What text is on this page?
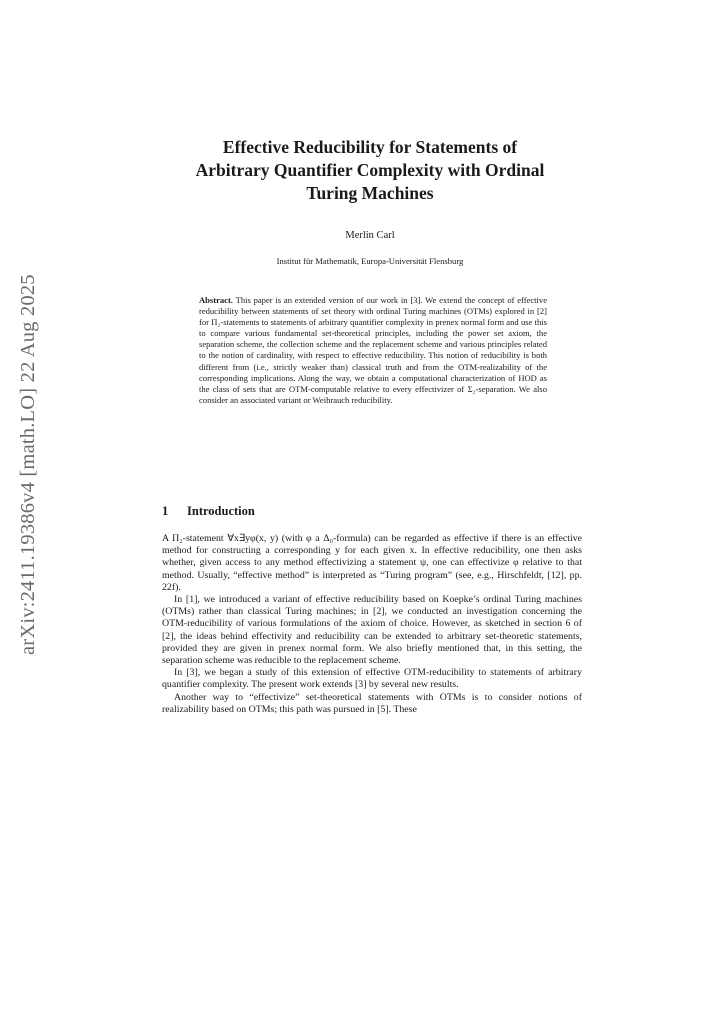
arXiv:2411.19386v4 [math.LO] 22 Aug 2025
Effective Reducibility for Statements of
Arbitrary Quantifier Complexity with Ordinal
Turing Machines
Merlin Carl
Institut für Mathematik, Europa-Universität Flensburg
Abstract. This paper is an extended version of our work in [3]. We extend the concept of effective reducibility between statements of set theory with ordinal Turing machines (OTMs) explored in [2] for Π₂-statements to statements of arbitrary quantifier complexity in prenex normal form and use this to compare various fundamental set-theoretical principles, including the power set axiom, the separation scheme, the collection scheme and the replacement scheme and various principles related to the notion of cardinality, with respect to effective reducibility. This notion of reducibility is both different from (i.e., strictly weaker than) classical truth and from the OTM-realizability of the corresponding implications. Along the way, we obtain a computational characterization of HOD as the class of sets that are OTM-computable relative to every effectivizer of Σ₂-separation. We also consider an associated variant or Weihrauch reducibility.
1 Introduction

A Π₂-statement ∀x∃yφ(x, y) (with φ a Δ₀-formula) can be regarded as effective if there is an effective method for constructing a corresponding y for each given x. In effective reducibility, one then asks whether, given access to any method effectivizing a statement ψ, one can effectivize φ relative to that method. Usually, “effective method” is interpreted as “Turing program” (see, e.g., Hirschfeldt, [12], pp. 22f).

In [1], we introduced a variant of effective reducibility based on Koepke’s ordinal Turing machines (OTMs) rather than classical Turing machines; in [2], we conducted an investigation concerning the OTM-reducibility of various formulations of the axiom of choice. However, as sketched in section 6 of [2], the ideas behind effectivity and reducibility can be extended to arbitrary set-theoretic statements, provided they are given in prenex normal form. We also briefly mentioned that, in this setting, the separation scheme was reducible to the replacement scheme.

In [3], we began a study of this extension of effective OTM-reducibility to statements of arbitrary quantifier complexity. The present work extends [3] by several new results.

Another way to “effectivize” set-theoretical statements with OTMs is to consider notions of realizability based on OTMs; this path was pursued in [5]. These
